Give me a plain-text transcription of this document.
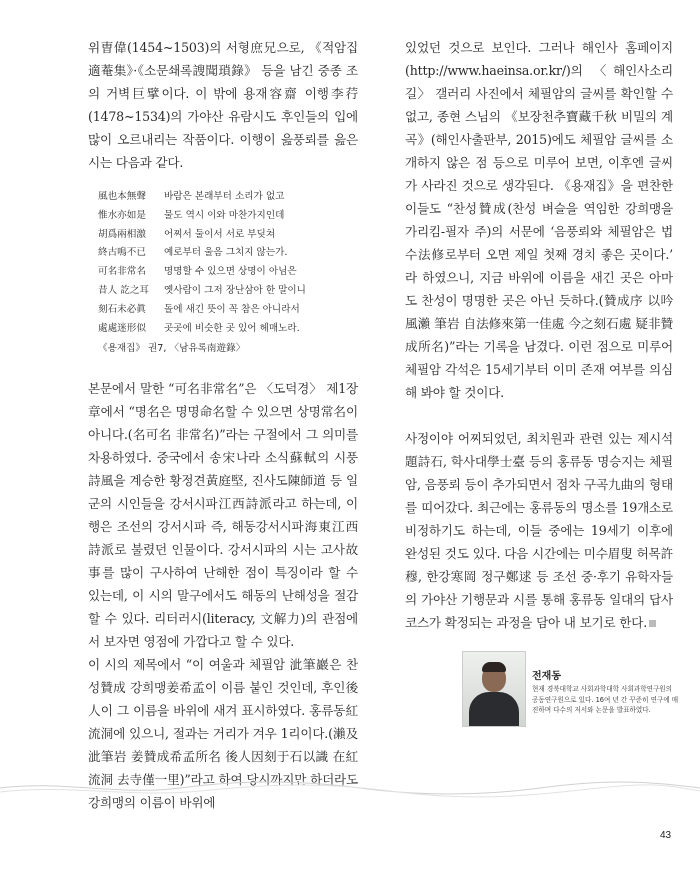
위曺偉(1454~1503)의 서형庶兄으로, 《적암집適菴集》·《소문쇄록謏聞瑣錄》 등을 남긴 중종 조의 거벽巨擘이다. 이 밖에 용재容齋 이행李荇(1478~1534)의 가야산 유람시도 후인들의 입에 많이 오르내리는 작품이다. 이행이 읊풍뢰를 읊은 시는 다음과 같다.

風也本無聲 바람은 본래부터 소리가 없고
惟水亦如是 물도 역시 이와 마찬가지인데
胡爲兩相激 어찌서 둘이서 서로 부딪쳐
終古鳴不已 예로부터 울음 그치지 않는가.
可名非常名 명명할 수 있으면 상명이 아님은
昔人 訖之耳 옛사람이 그저 장난삼아 한 말이니
刻石未必眞 돌에 새긴 뜻이 꼭 참은 아니라서
處處迷形似 곳곳에 비슷한 곳 있어 헤매노라.
《용재집》 권7, 〈남유록南遊錄〉

본문에서 말한 “可名非常名”은 〈도덕경〉 제1장章에서 “명名은 명명命名할 수 있으면 상명常名이 아니다.(名可名 非常名)”라는 구절에서 그 의미를 차용하였다. 중국에서 송宋나라 소식蘇軾의 시풍詩風을 계승한 황정견黃庭堅, 진사도陳師道 등 일군의 시인들을 강서시파江西詩派라고 하는데, 이행은 조선의 강서시파 즉, 해동강서시파海東江西詩派로 불렸던 인물이다. 강서시파의 시는 고사故事를 많이 구사하여 난해한 점이 특징이라 할 수 있는데, 이 시의 말구에서도 해동의 난해성을 절감할 수 있다. 리터러시(literacy, 文解力)의 관점에서 보자면 영점에 가깝다고 할 수 있다.

이 시의 제목에서 “이 여울과 체필암 泚筆巖은 찬성贊成 강희맹姜希孟이 이름 붙인 것인데, 후인後人이 그 이름을 바위에 새겨 표시하였다. 홍류동紅流洞에 있으니, 절과는 거리가 겨우 1리이다.(瀨及泚筆岩 姜贊成希孟所名 後人因刻于石以識 在紅流洞 去寺僅一里)”라고 하여 당시까지만 하더라도 강희맹의 이름이 바위에

있었던 것으로 보인다. 그러나 해인사 홈페이지(http://www.haeinsa.or.kr/)의 〈해인사소리길〉 갤러리 사진에서 체필암의 글씨를 확인할 수 없고, 종현 스님의 《보장천추寶藏千秋 비밀의 계곡》(해인사출판부, 2015)에도 체필암 글씨를 소개하지 않은 점 등으로 미루어 보면, 이후엔 글씨가 사라진 것으로 생각된다. 《용재집》을 편찬한 이들도 “찬성贊成(찬성 벼슬을 역임한 강희맹을 가리킴-필자 주)의 서문에 ‘음풍뢰와 체필암은 법수法修로부터 오면 제일 첫째 경치 좋은 곳이다.’ 라 하였으니, 지금 바위에 이름을 새긴 곳은 아마도 찬성이 명명한 곳은 아닌 듯하다.(贊成序 以吟風瀨 筆岩 自法修來第一佳處 今之刻石處 疑非贊成所名)”라는 기록을 남겼다. 이런 점으로 미루어 체필암 각석은 15세기부터 이미 존재 여부를 의심해 봐야 할 것이다.

사정이야 어찌되었던, 최치원과 관련 있는 제시석題詩石, 학사대學士臺 등의 홍류동 명승지는 체필암, 음풍뢰 등이 추가되면서 점차 구곡九曲의 형태를 띠어갔다. 최근에는 홍류동의 명소를 19개소로 비정하기도 하는데, 이들 중에는 19세기 이후에 완성된 것도 있다. 다음 시간에는 미수眉叟 허목許穆, 한강寒岡 정구鄭逑 등 조선 중·후기 유학자들의 가야산 기행문과 시를 통해 홍류동 일대의 답사 코스가 확정되는 과정을 담아 내 보기로 한다.

전재동
현재 경북대학교 사회과학대학 사회과학연구원의 공동연구원으로 있다. 16여 년 간 꾸준히 연구에 매진하며 다수의 저서와 논문을 발표하였다.
43
